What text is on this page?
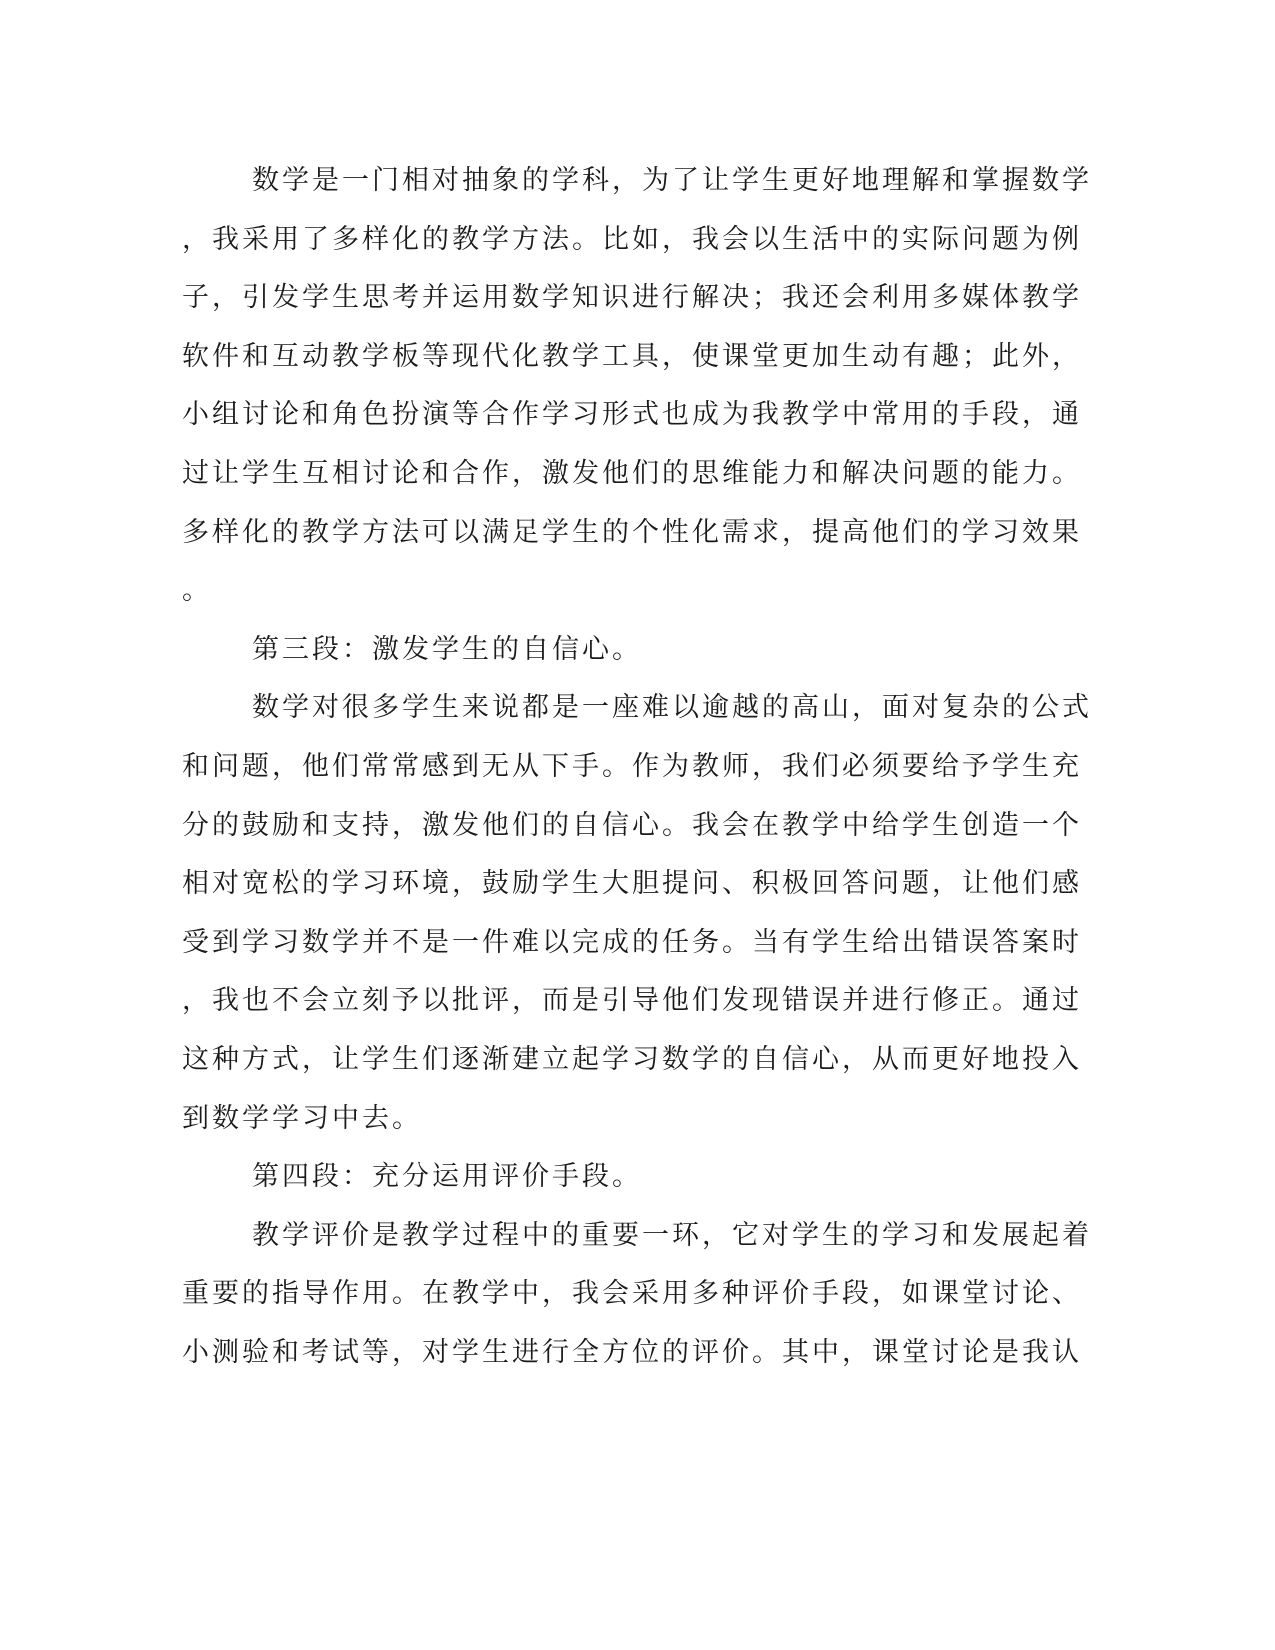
数学是一门相对抽象的学科，为了让学生更好地理解和掌握数学
，我采用了多样化的教学方法。比如，我会以生活中的实际问题为例
子，引发学生思考并运用数学知识进行解决；我还会利用多媒体教学
软件和互动教学板等现代化教学工具，使课堂更加生动有趣；此外，
小组讨论和角色扮演等合作学习形式也成为我教学中常用的手段，通
过让学生互相讨论和合作，激发他们的思维能力和解决问题的能力。
多样化的教学方法可以满足学生的个性化需求，提高他们的学习效果
。
第三段：激发学生的自信心。
数学对很多学生来说都是一座难以逾越的高山，面对复杂的公式
和问题，他们常常感到无从下手。作为教师，我们必须要给予学生充
分的鼓励和支持，激发他们的自信心。我会在教学中给学生创造一个
相对宽松的学习环境，鼓励学生大胆提问、积极回答问题，让他们感
受到学习数学并不是一件难以完成的任务。当有学生给出错误答案时
，我也不会立刻予以批评，而是引导他们发现错误并进行修正。通过
这种方式，让学生们逐渐建立起学习数学的自信心，从而更好地投入
到数学学习中去。
第四段：充分运用评价手段。
教学评价是教学过程中的重要一环，它对学生的学习和发展起着
重要的指导作用。在教学中，我会采用多种评价手段，如课堂讨论、
小测验和考试等，对学生进行全方位的评价。其中，课堂讨论是我认
